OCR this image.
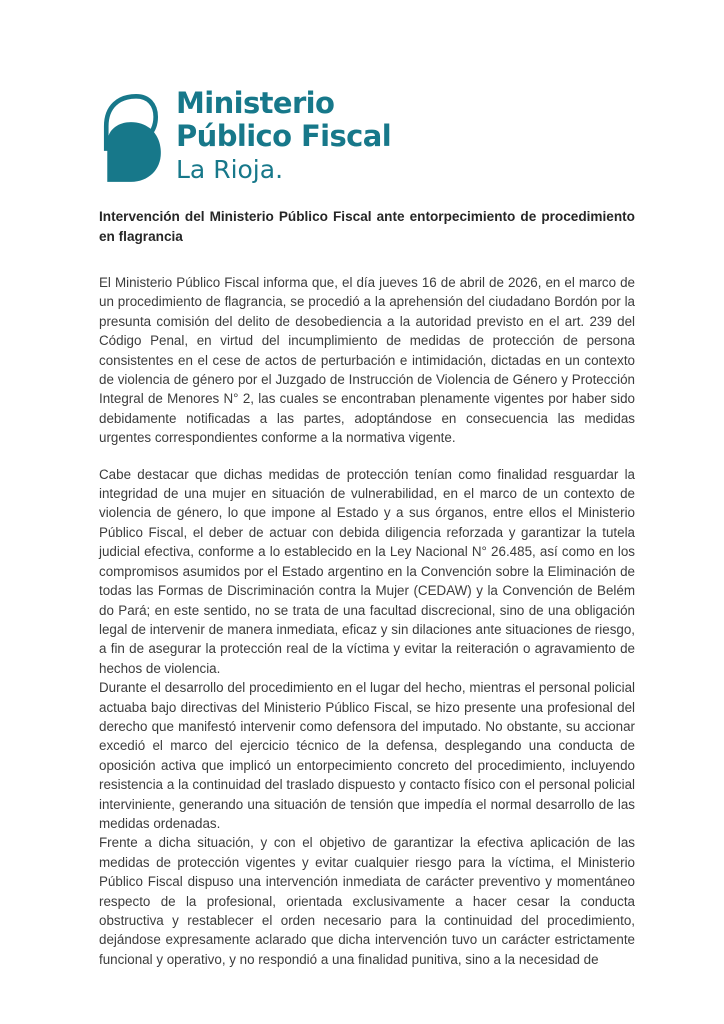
Ministerio
Público Fiscal
La Rioja.
Intervención del Ministerio Público Fiscal ante entorpecimiento de procedimiento en flagrancia

El Ministerio Público Fiscal informa que, el día jueves 16 de abril de 2026, en el marco de un procedimiento de flagrancia, se procedió a la aprehensión del ciudadano Bordón por la presunta comisión del delito de desobediencia a la autoridad previsto en el art. 239 del Código Penal, en virtud del incumplimiento de medidas de protección de persona consistentes en el cese de actos de perturbación e intimidación, dictadas en un contexto de violencia de género por el Juzgado de Instrucción de Violencia de Género y Protección Integral de Menores N° 2, las cuales se encontraban plenamente vigentes por haber sido debidamente notificadas a las partes, adoptándose en consecuencia las medidas urgentes correspondientes conforme a la normativa vigente.

Cabe destacar que dichas medidas de protección tenían como finalidad resguardar la integridad de una mujer en situación de vulnerabilidad, en el marco de un contexto de violencia de género, lo que impone al Estado y a sus órganos, entre ellos el Ministerio Público Fiscal, el deber de actuar con debida diligencia reforzada y garantizar la tutela judicial efectiva, conforme a lo establecido en la Ley Nacional N° 26.485, así como en los compromisos asumidos por el Estado argentino en la Convención sobre la Eliminación de todas las Formas de Discriminación contra la Mujer (CEDAW) y la Convención de Belém do Pará; en este sentido, no se trata de una facultad discrecional, sino de una obligación legal de intervenir de manera inmediata, eficaz y sin dilaciones ante situaciones de riesgo, a fin de asegurar la protección real de la víctima y evitar la reiteración o agravamiento de hechos de violencia.

Durante el desarrollo del procedimiento en el lugar del hecho, mientras el personal policial actuaba bajo directivas del Ministerio Público Fiscal, se hizo presente una profesional del derecho que manifestó intervenir como defensora del imputado. No obstante, su accionar excedió el marco del ejercicio técnico de la defensa, desplegando una conducta de oposición activa que implicó un entorpecimiento concreto del procedimiento, incluyendo resistencia a la continuidad del traslado dispuesto y contacto físico con el personal policial interviniente, generando una situación de tensión que impedía el normal desarrollo de las medidas ordenadas.

Frente a dicha situación, y con el objetivo de garantizar la efectiva aplicación de las medidas de protección vigentes y evitar cualquier riesgo para la víctima, el Ministerio Público Fiscal dispuso una intervención inmediata de carácter preventivo y momentáneo respecto de la profesional, orientada exclusivamente a hacer cesar la conducta obstructiva y restablecer el orden necesario para la continuidad del procedimiento, dejándose expresamente aclarado que dicha intervención tuvo un carácter estrictamente funcional y operativo, y no respondió a una finalidad punitiva, sino a la necesidad de
